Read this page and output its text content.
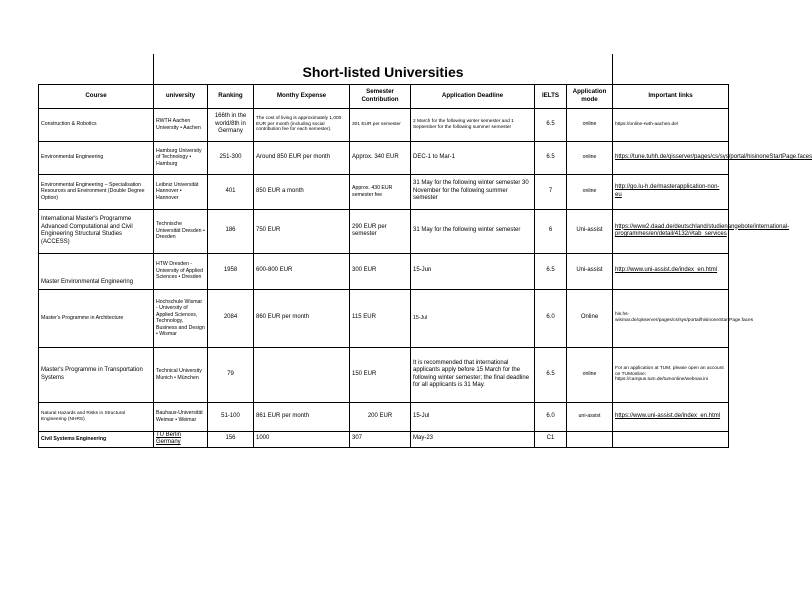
	Short-listed Universities							
Course	university	Ranking	Monthy Expense	Semester Contribution	Application Deadline	IELTS	Application mode	Important links
Construction & Robotics	RWTH Aachen University • Aachen	166th in the world/8th in Germany	The cost of living is approximately 1,000 EUR per month (including social contribution fee for each semester).	301 EUR per semester	2 March for the following winter semester and 1 September for the following summer semester	6.5	online	https://online-rwth-aachen.de/
Environmental Engineering	Hamburg University of Technology • Hamburg	251-300	Around 850 EUR per month	Approx. 340 EUR	DEC-1 to Mar-1	6.5	online	https://tune.tuhh.de/qisserver/pages/cs/sys/portal/hisinoneStartPage.faces
Environmental Engineering – Specialisation Resources and Environment (Double Degree Option)	Leibniz Universität Hannover • Hannover	401	850 EUR a month	Approx. 430 EUR semester fee	31 May for the following winter semester 30 November for the following summer semester	7	online	http://go.lu-h.de/masterapplication-non-eu
International Master's Programme Advanced Computational and Civil Engineering Structural Studies (ACCESS)	Technische Universität Dresden • Dresden	186	750 EUR	290 EUR per semester	31 May for the following winter semester	6	Uni-assist	https://www2.daad.de/deutschland/studienangebote/international-programmes/en/detail/4132/#tab_services
Master Environmental Engineering	HTW Dresden - University of Applied Sciences • Dresden	1958	600-800 EUR	300 EUR	15-Jun	6.5	Uni-assist	http://www.uni-assist.de/index_en.html
Master's Programme in Architecture	Hochschule Wismar - University of Applied Sciences, Technology, Business and Design • Wismar	2084	860 EUR per month	115 EUR	15-Jul	6.0	Online	his.hs-wismar.de/qisserver/pages/cs/sys/portal/hisinoneStartPage.faces
Master's Programme in Transportation Systems	Technical University Munich • München	79		150 EUR	It is recommended that international applicants apply before 15 March for the following winter semester; the final deadline for all applicants is 31 May.	6.5	online	For an application at TUM, please open an account on TUMonline: https://campus.tum.de/tumonline/webnav.ini
Natural Hazards and Risks in Structural Engineering (NHRS)	Bauhaus-Universität Weimar • Weimar	51-100	861 EUR per month	200 EUR	15-Jul	6.0	uni-assist	https://www.uni-assist.de/index_en.html
Civil Systems Engineering	TU Berlin Germany	156	1000	307	May-23	C1		
